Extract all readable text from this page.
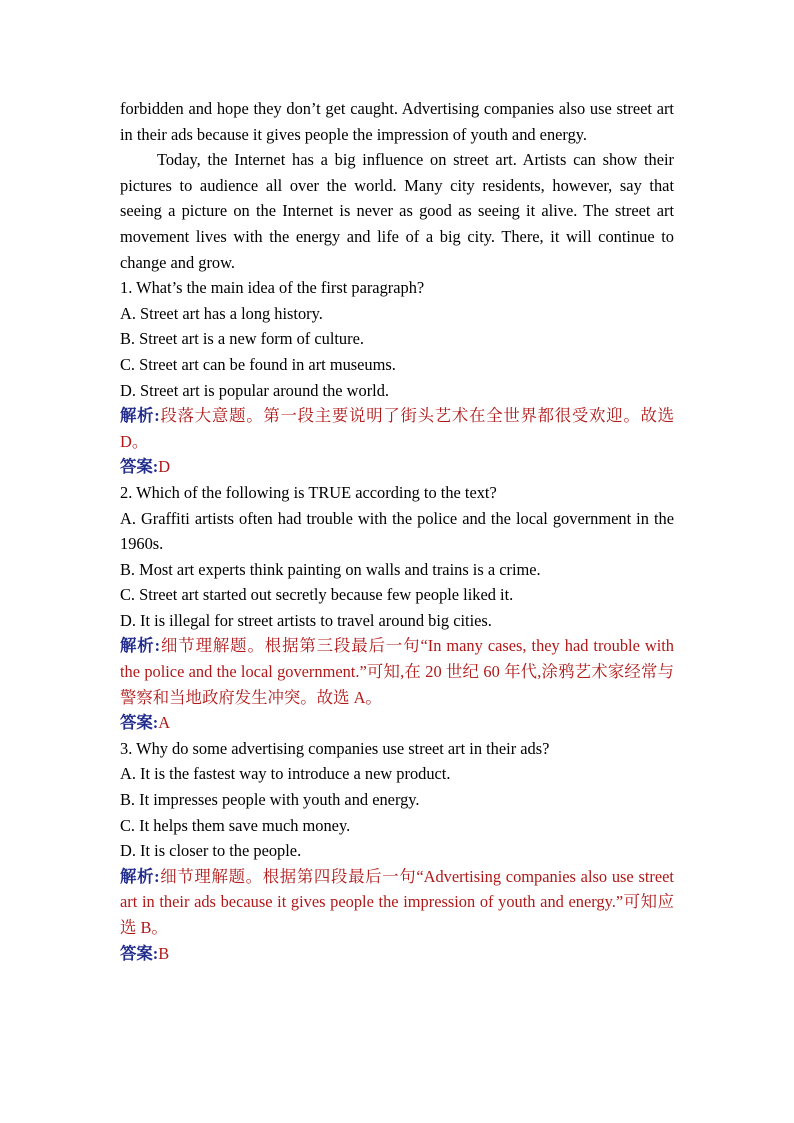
forbidden and hope they don’t get caught. Advertising companies also use street art in their ads because it gives people the impression of youth and energy.

Today, the Internet has a big influence on street art. Artists can show their pictures to audience all over the world. Many city residents, however, say that seeing a picture on the Internet is never as good as seeing it alive. The street art movement lives with the energy and life of a big city. There, it will continue to change and grow.

1. What’s the main idea of the first paragraph?

A. Street art has a long history.

B. Street art is a new form of culture.

C. Street art can be found in art museums.

D. Street art is popular around the world.

解析:段落大意题。第一段主要说明了街头艺术在全世界都很受欢迎。故选 D。

答案:D

2. Which of the following is TRUE according to the text?

A. Graffiti artists often had trouble with the police and the local government in the 1960s.

B. Most art experts think painting on walls and trains is a crime.

C. Street art started out secretly because few people liked it.

D. It is illegal for street artists to travel around big cities.

解析:细节理解题。根据第三段最后一句“In many cases, they had trouble with the police and the local government.”可知,在 20 世纪 60 年代,涂鸦艺术家经常与警察和当地政府发生冲突。故选 A。

答案:A

3. Why do some advertising companies use street art in their ads?

A. It is the fastest way to introduce a new product.

B. It impresses people with youth and energy.

C. It helps them save much money.

D. It is closer to the people.

解析:细节理解题。根据第四段最后一句“Advertising companies also use street art in their ads because it gives people the impression of youth and energy.”可知应选 B。

答案:B
